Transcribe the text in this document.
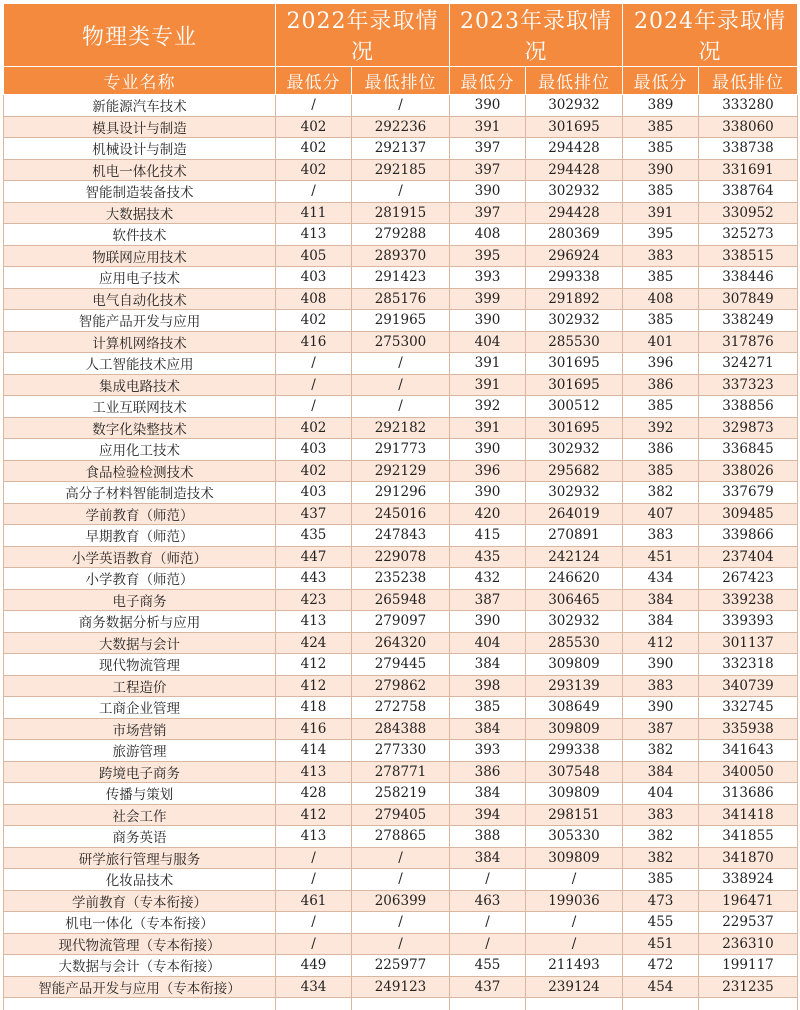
物理类专业	2022年录取情况		2023年录取情况		2024年录取情况	
专业名称	最低分	最低排位	最低分	最低排位	最低分	最低排位
新能源汽车技术	/	/	390	302932	389	333280
模具设计与制造	402	292236	391	301695	385	338060
机械设计与制造	402	292137	397	294428	385	338738
机电一体化技术	402	292185	397	294428	390	331691
智能制造装备技术	/	/	390	302932	385	338764
大数据技术	411	281915	397	294428	391	330952
软件技术	413	279288	408	280369	395	325273
物联网应用技术	405	289370	395	296924	383	338515
应用电子技术	403	291423	393	299338	385	338446
电气自动化技术	408	285176	399	291892	408	307849
智能产品开发与应用	402	291965	390	302932	385	338249
计算机网络技术	416	275300	404	285530	401	317876
人工智能技术应用	/	/	391	301695	396	324271
集成电路技术	/	/	391	301695	386	337323
工业互联网技术	/	/	392	300512	385	338856
数字化染整技术	402	292182	391	301695	392	329873
应用化工技术	403	291773	390	302932	386	336845
食品检验检测技术	402	292129	396	295682	385	338026
高分子材料智能制造技术	403	291296	390	302932	382	337679
学前教育（师范）	437	245016	420	264019	407	309485
早期教育（师范）	435	247843	415	270891	383	339866
小学英语教育（师范）	447	229078	435	242124	451	237404
小学教育（师范）	443	235238	432	246620	434	267423
电子商务	423	265948	387	306465	384	339238
商务数据分析与应用	413	279097	390	302932	384	339393
大数据与会计	424	264320	404	285530	412	301137
现代物流管理	412	279445	384	309809	390	332318
工程造价	412	279862	398	293139	383	340739
工商企业管理	418	272758	385	308649	390	332745
市场营销	416	284388	384	309809	387	335938
旅游管理	414	277330	393	299338	382	341643
跨境电子商务	413	278771	386	307548	384	340050
传播与策划	428	258219	384	309809	404	313686
社会工作	412	279405	394	298151	383	341418
商务英语	413	278865	388	305330	382	341855
研学旅行管理与服务	/	/	384	309809	382	341870
化妆品技术	/	/	/	/	385	338924
学前教育（专本衔接）	461	206399	463	199036	473	196471
机电一体化（专本衔接）	/	/	/	/	455	229537
现代物流管理（专本衔接）	/	/	/	/	451	236310
大数据与会计（专本衔接）	449	225977	455	211493	472	199117
智能产品开发与应用（专本衔接）	434	249123	437	239124	454	231235
